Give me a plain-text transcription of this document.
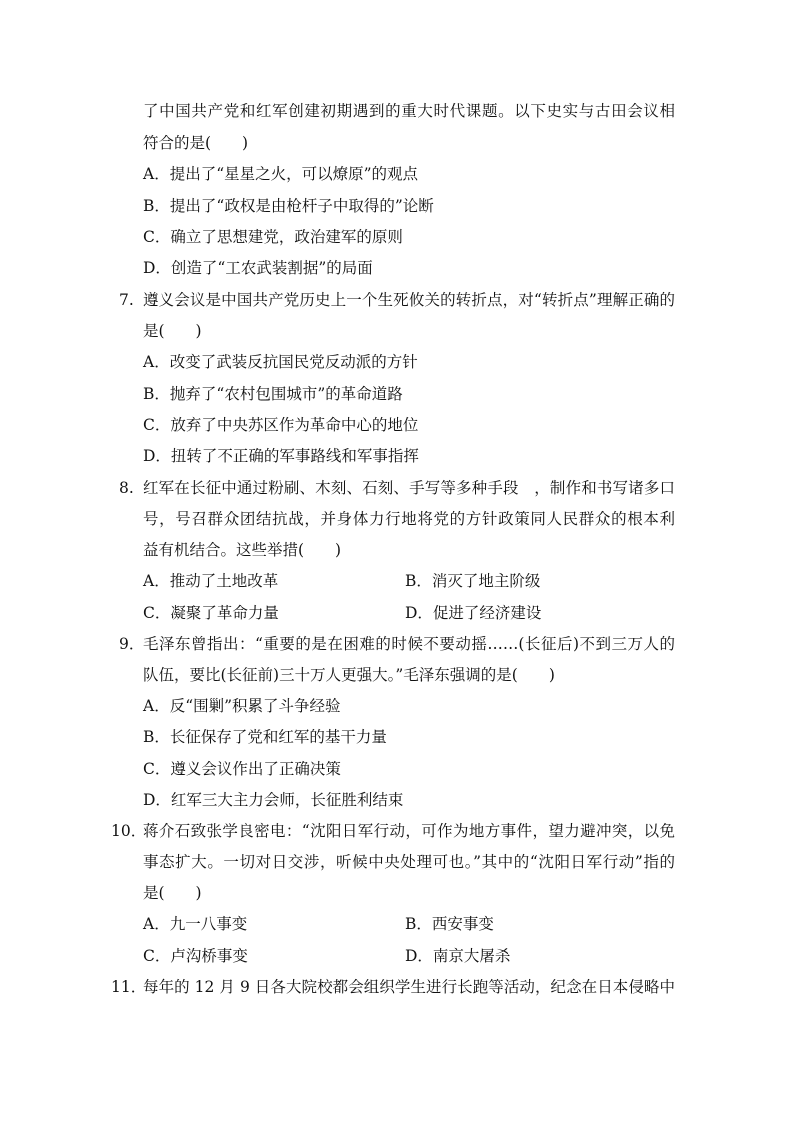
了中国共产党和红军创建初期遇到的重大时代课题。以下史实与古田会议相
符合的是(　　)
A．提出了“星星之火，可以燎原”的观点
B．提出了“政权是由枪杆子中取得的”论断
C．确立了思想建党，政治建军的原则
D．创造了“工农武装割据”的局面
7. 遵义会议是中国共产党历史上一个生死攸关的转折点，对“转折点”理解正确的
是(　　)
A．改变了武装反抗国民党反动派的方针
B．抛弃了“农村包围城市”的革命道路
C．放弃了中央苏区作为革命中心的地位
D．扭转了不正确的军事路线和军事指挥
8. 红军在长征中通过粉刷、木刻、石刻、手写等多种手段　，制作和书写诸多口
号，号召群众团结抗战，并身体力行地将党的方针政策同人民群众的根本利
益有机结合。这些举措(　　)
A．推动了土地改革	B．消灭了地主阶级
C．凝聚了革命力量	D．促进了经济建设
9．
毛泽东曾指出：“重要的是在困难的时候不要动摇……(长征后)不到三万人的
队伍，要比(长征前)三十万人更强大。”毛泽东强调的是(　　)
A．反“围剿”积累了斗争经验
B．长征保存了党和红军的基干力量
C．遵义会议作出了正确决策
D．红军三大主力会师，长征胜利结束
10．
蒋介石致张学良密电：“沈阳日军行动，可作为地方事件，望力避冲突，以免
事态扩大。一切对日交涉，听候中央处理可也。”其中的“沈阳日军行动”指的
是(　　)
A．九一八事变	B．西安事变
C．卢沟桥事变	D．南京大屠杀
11．
每年的 12 月 9 日各大院校都会组织学生进行长跑等活动，纪念在日本侵略中
